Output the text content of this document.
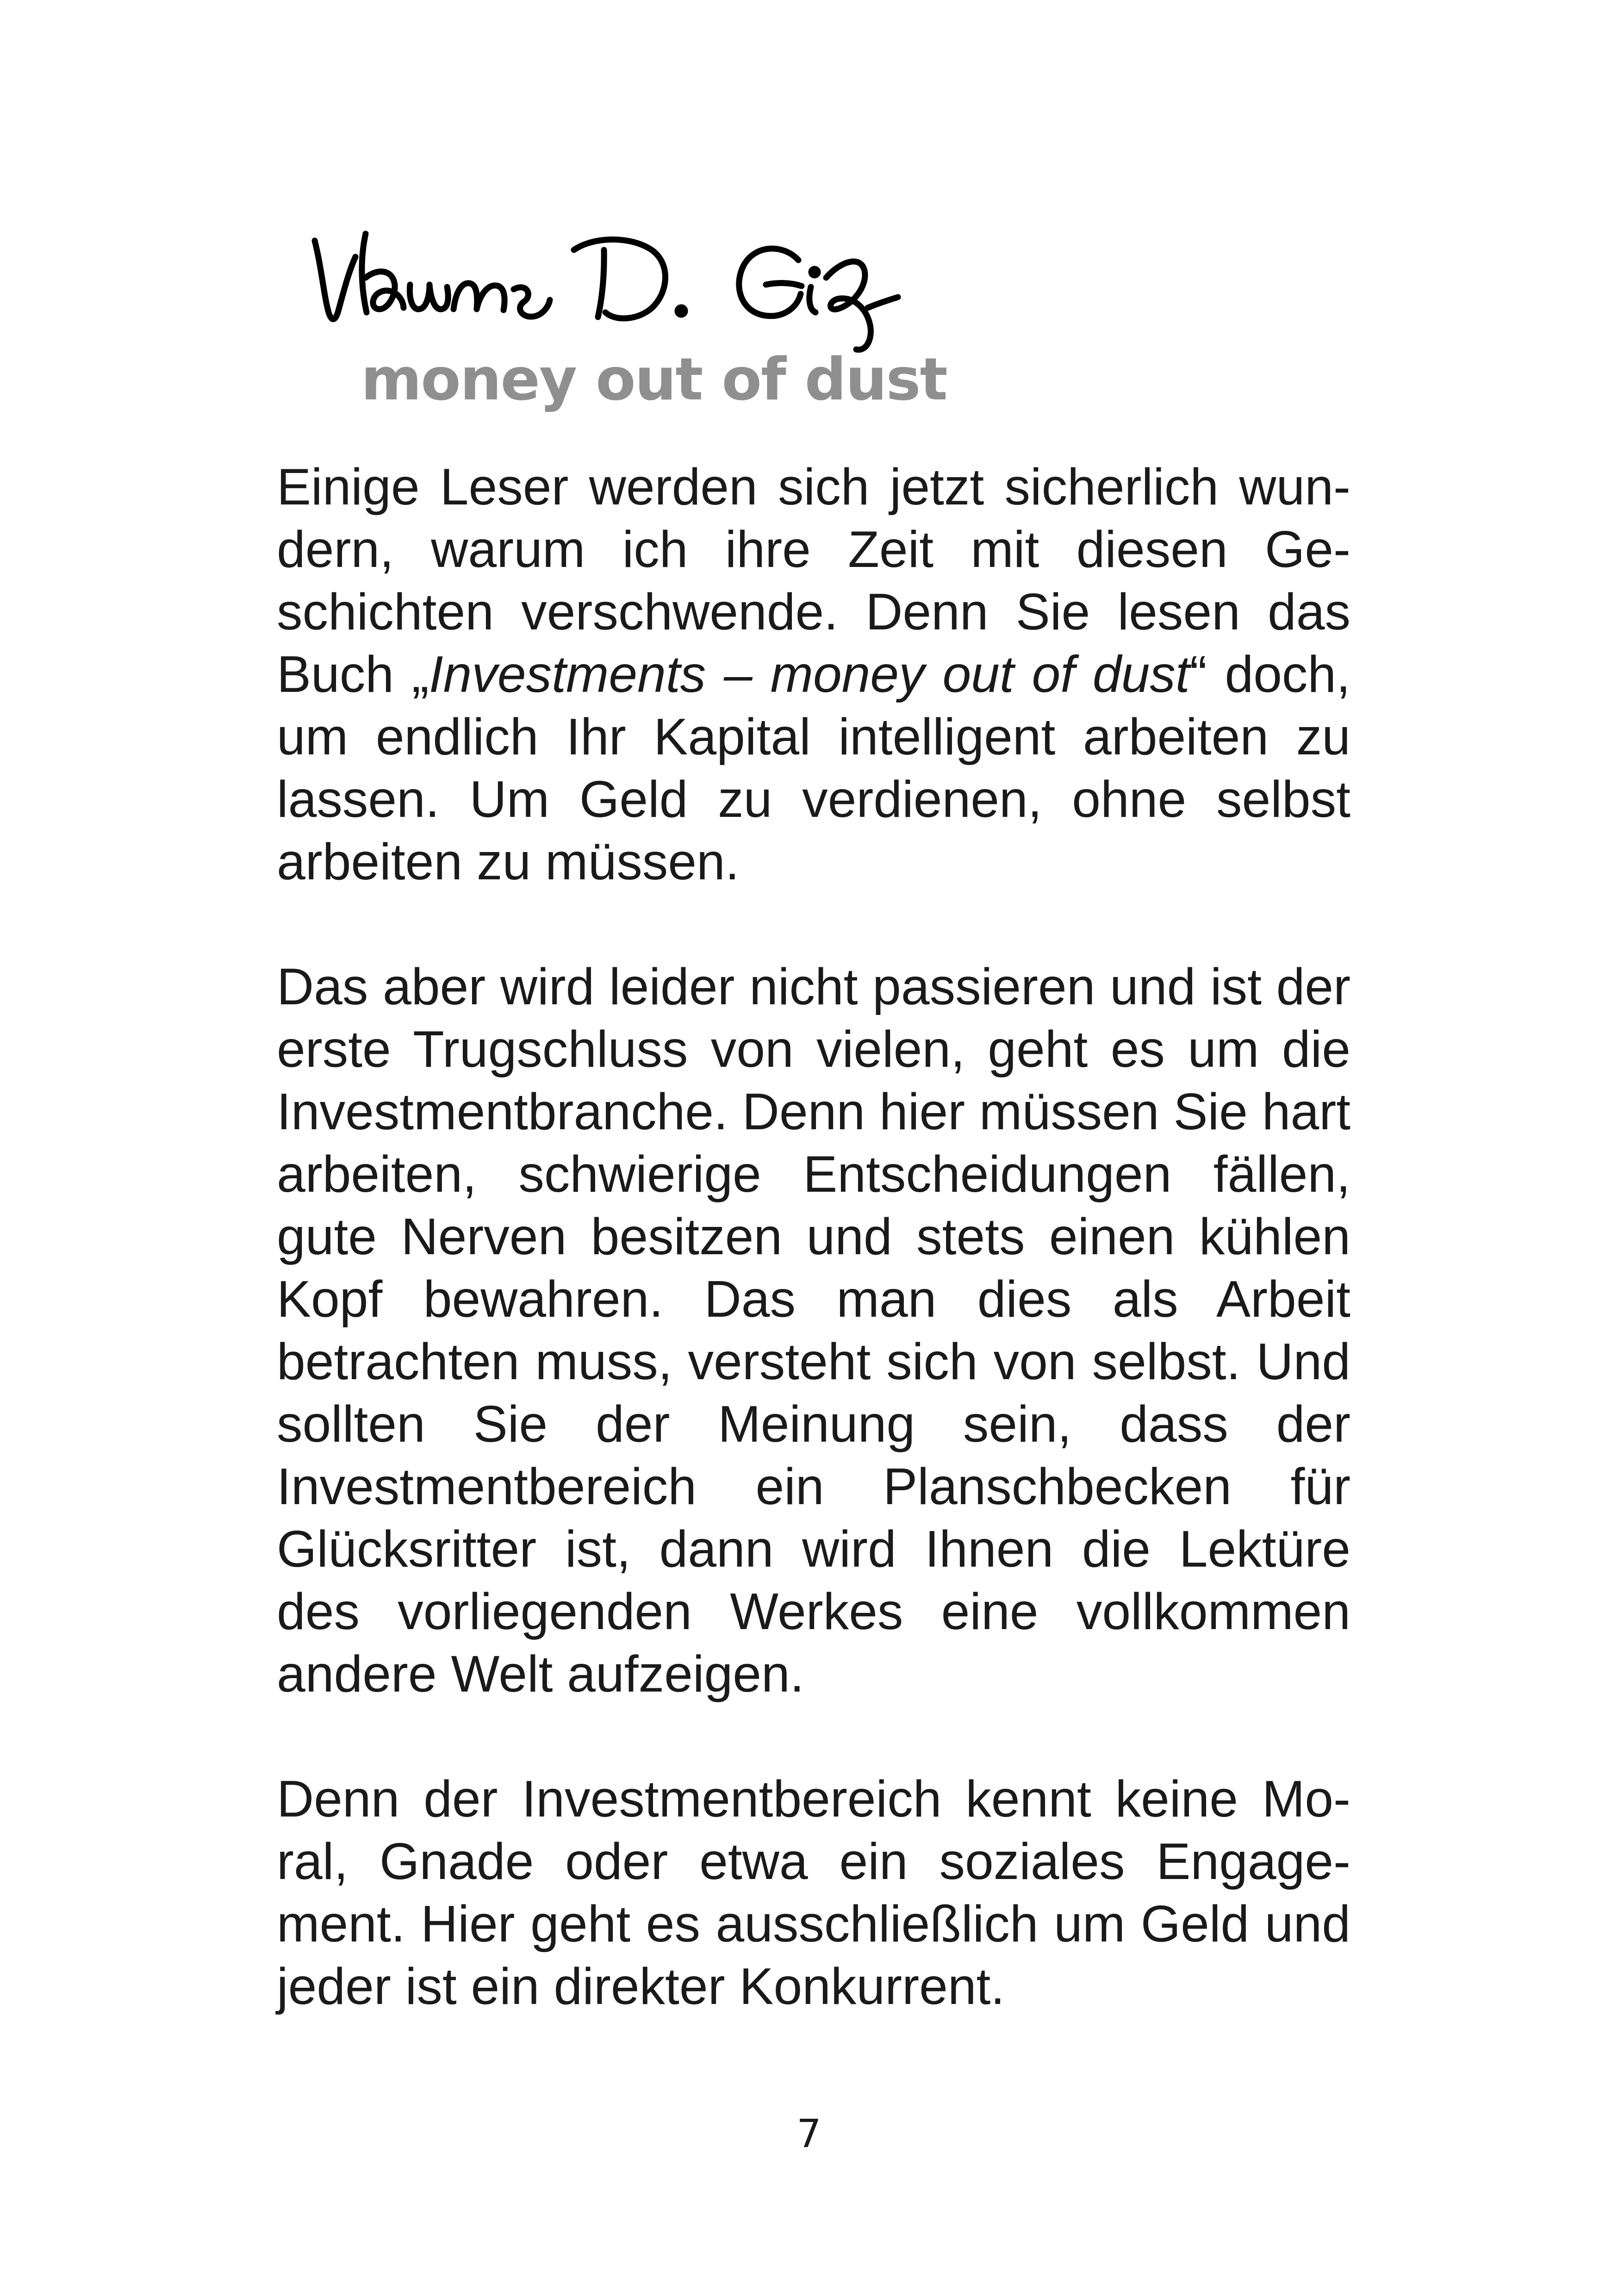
money out of dust

Einige Leser werden sich jetzt sicherlich wundern, warum ich ihre Zeit mit diesen Geschichten verschwende. Denn Sie lesen das Buch „Investments – money out of dust“ doch, um endlich Ihr Kapital intelligent arbeiten zu lassen. Um Geld zu verdienen, ohne selbst arbeiten zu müssen.

Das aber wird leider nicht passieren und ist der erste Trugschluss von vielen, geht es um die Investmentbranche. Denn hier müssen Sie hart arbeiten, schwierige Entscheidungen fällen, gute Nerven besitzen und stets einen kühlen Kopf bewahren. Das man dies als Arbeit betrachten muss, versteht sich von selbst. Und sollten Sie der Meinung sein, dass der Investmentbereich ein Planschbecken für Glücksritter ist, dann wird Ihnen die Lektüre des vorliegenden Werkes eine vollkommen andere Welt aufzeigen.

Denn der Investmentbereich kennt keine Moral, Gnade oder etwa ein soziales Engagement. Hier geht es ausschließlich um Geld und jeder ist ein direkter Konkurrent.

7
